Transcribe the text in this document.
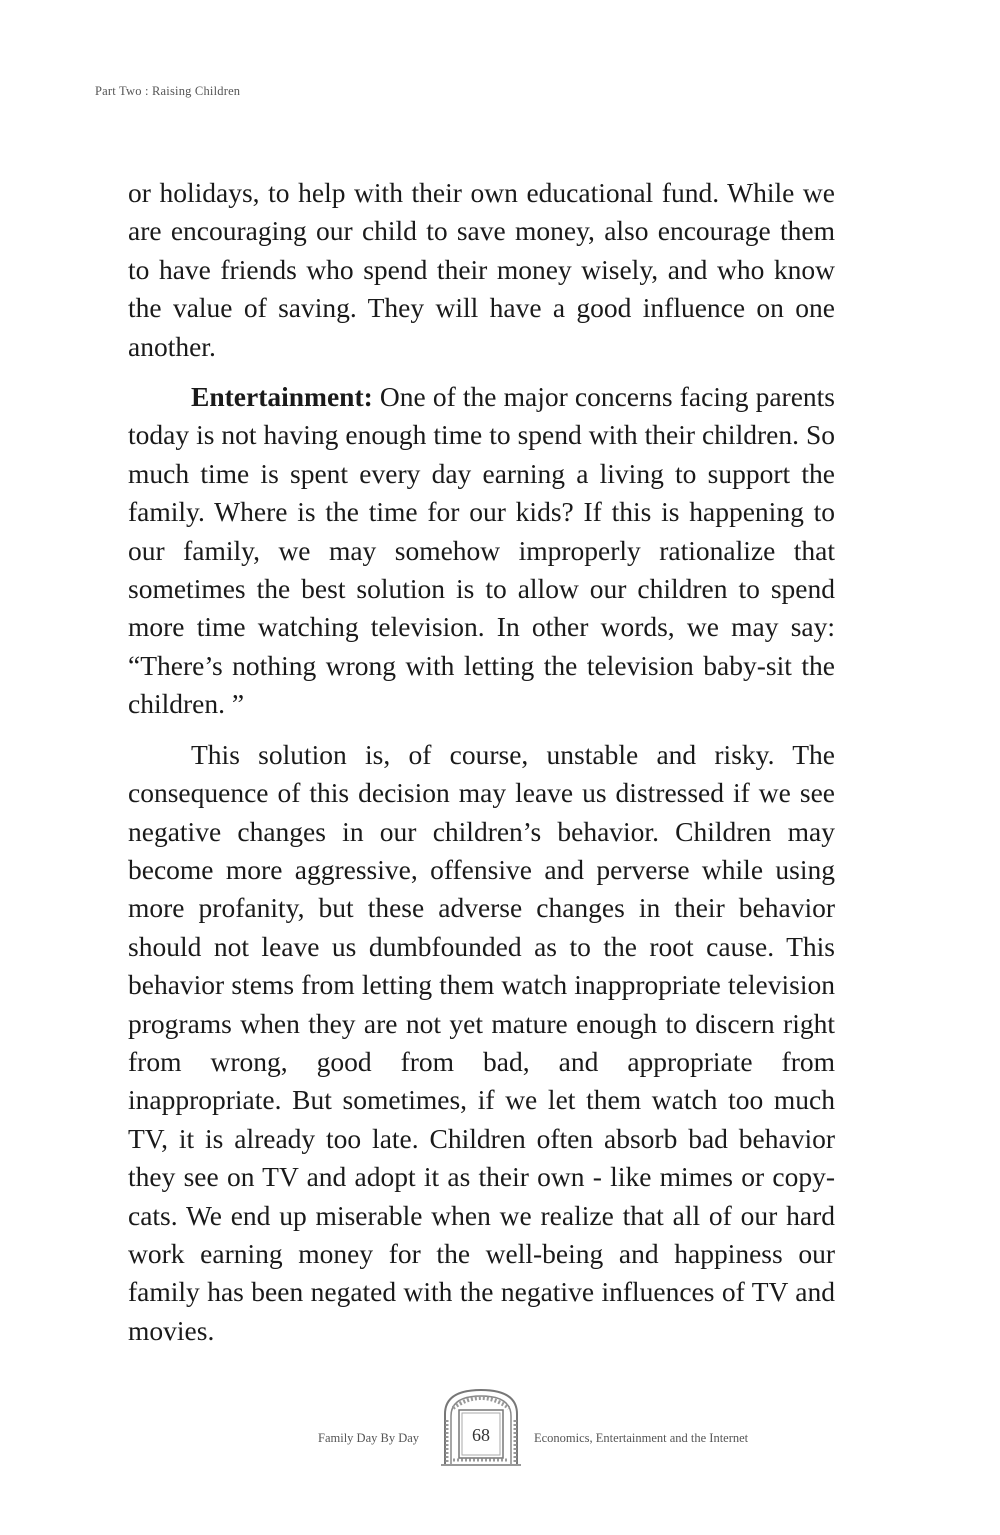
Part Two : Raising Children

or holidays, to help with their own educational fund. While we are encouraging our child to save money, also encourage them to have friends who spend their money wisely, and who know the value of saving. They will have a good influence on one another.

Entertainment: One of the major concerns facing parents today is not having enough time to spend with their children. So much time is spent every day earning a living to support the family. Where is the time for our kids? If this is happening to our family, we may somehow improperly rationalize that sometimes the best solution is to allow our children to spend more time watching television. In other words, we may say: “There’s nothing wrong with letting the television baby-sit the children. ”

This solution is, of course, unstable and risky. The consequence of this decision may leave us distressed if we see negative changes in our children’s behavior. Children may become more aggressive, offensive and perverse while using more profanity, but these adverse changes in their behavior should not leave us dumbfounded as to the root cause. This behavior stems from letting them watch inappropriate television programs when they are not yet mature enough to discern right from wrong, good from bad, and appropriate from inappropriate. But sometimes, if we let them watch too much TV, it is already too late. Children often absorb bad behavior they see on TV and adopt it as their own - like mimes or copy-cats. We end up miserable when we realize that all of our hard work earning money for the well-being and happiness our family has been negated with the negative influences of TV and movies.

Family Day By Day	68	Economics, Entertainment and the Internet
